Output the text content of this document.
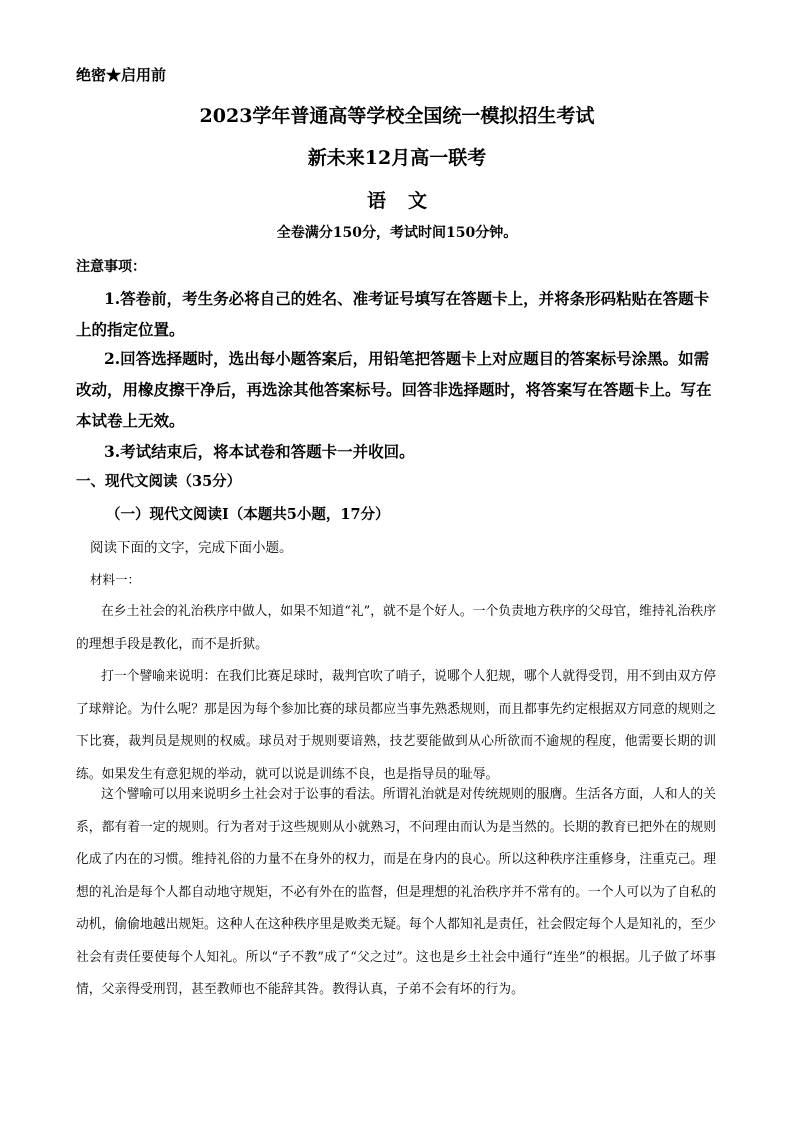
绝密★启用前
2023学年普通高等学校全国统一模拟招生考试
新未来12月高一联考
语文
全卷满分150分，考试时间150分钟。
注意事项：
1.答卷前，考生务必将自己的姓名、准考证号填写在答题卡上，并将条形码粘贴在答题卡上的指定位置。
2.回答选择题时，选出每小题答案后，用铅笔把答题卡上对应题目的答案标号涂黑。如需改动，用橡皮擦干净后，再选涂其他答案标号。回答非选择题时，将答案写在答题卡上。写在本试卷上无效。
3.考试结束后，将本试卷和答题卡一并收回。
一、现代文阅读（35分）
（一）现代文阅读Ⅰ（本题共5小题，17分）
阅读下面的文字，完成下面小题。
材料一：
在乡土社会的礼治秩序中做人，如果不知道“礼”，就不是个好人。一个负责地方秩序的父母官，维持礼治秩序的理想手段是教化，而不是折狱。
打一个譬喻来说明：在我们比赛足球时，裁判官吹了哨子，说哪个人犯规，哪个人就得受罚，用不到由双方停了球辩论。为什么呢？那是因为每个参加比赛的球员都应当事先熟悉规则，而且都事先约定根据双方同意的规则之下比赛，裁判员是规则的权威。球员对于规则要谙熟，技艺要能做到从心所欲而不逾规的程度，他需要长期的训练。如果发生有意犯规的举动，就可以说是训练不良，也是指导员的耻辱。
这个譬喻可以用来说明乡土社会对于讼事的看法。所谓礼治就是对传统规则的服膺。生活各方面，人和人的关系，都有着一定的规则。行为者对于这些规则从小就熟习，不问理由而认为是当然的。长期的教育已把外在的规则化成了内在的习惯。维持礼俗的力量不在身外的权力，而是在身内的良心。所以这种秩序注重修身，注重克己。理想的礼治是每个人都自动地守规矩，不必有外在的监督，但是理想的礼治秩序并不常有的。一个人可以为了自私的动机，偷偷地越出规矩。这种人在这种秩序里是败类无疑。每个人都知礼是责任，社会假定每个人是知礼的，至少社会有责任要使每个人知礼。所以“子不教”成了“父之过”。这也是乡土社会中通行“连坐”的根据。儿子做了坏事情，父亲得受刑罚，甚至教师也不能辞其咎。教得认真，子弟不会有坏的行为。
